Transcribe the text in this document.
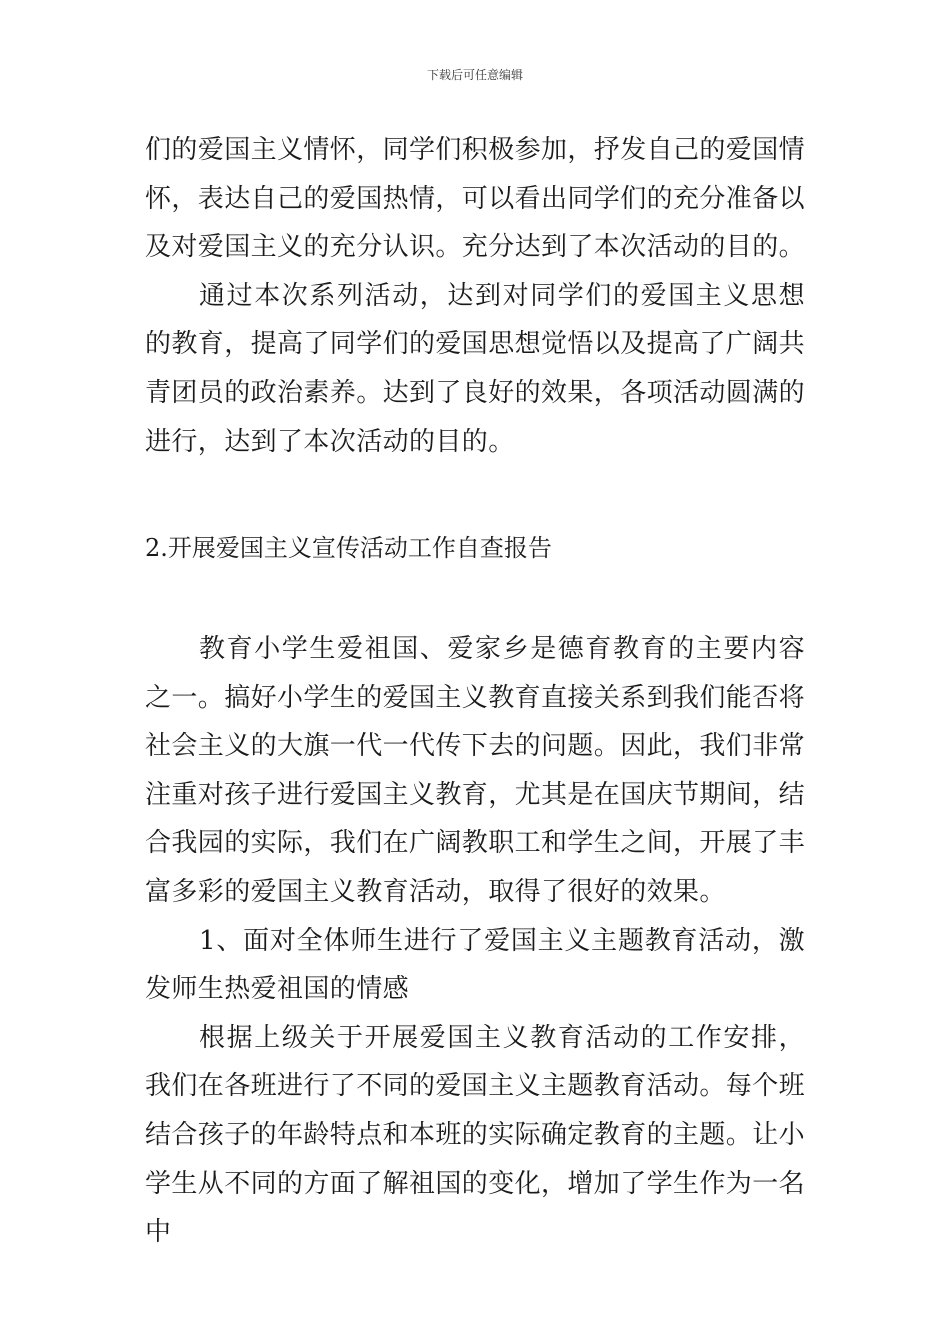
下载后可任意编辑

们的爱国主义情怀，同学们积极参加，抒发自己的爱国情怀，表达自己的爱国热情，可以看出同学们的充分准备以及对爱国主义的充分认识。充分达到了本次活动的目的。

通过本次系列活动，达到对同学们的爱国主义思想的教育，提高了同学们的爱国思想觉悟以及提高了广阔共青团员的政治素养。达到了良好的效果，各项活动圆满的进行，达到了本次活动的目的。

2.开展爱国主义宣传活动工作自查报告

教育小学生爱祖国、爱家乡是德育教育的主要内容之一。搞好小学生的爱国主义教育直接关系到我们能否将社会主义的大旗一代一代传下去的问题。因此，我们非常注重对孩子进行爱国主义教育，尤其是在国庆节期间，结合我园的实际，我们在广阔教职工和学生之间，开展了丰富多彩的爱国主义教育活动，取得了很好的效果。

1、面对全体师生进行了爱国主义主题教育活动，激发师生热爱祖国的情感

根据上级关于开展爱国主义教育活动的工作安排，我们在各班进行了不同的爱国主义主题教育活动。每个班结合孩子的年龄特点和本班的实际确定教育的主题。让小学生从不同的方面了解祖国的变化，增加了学生作为一名中
